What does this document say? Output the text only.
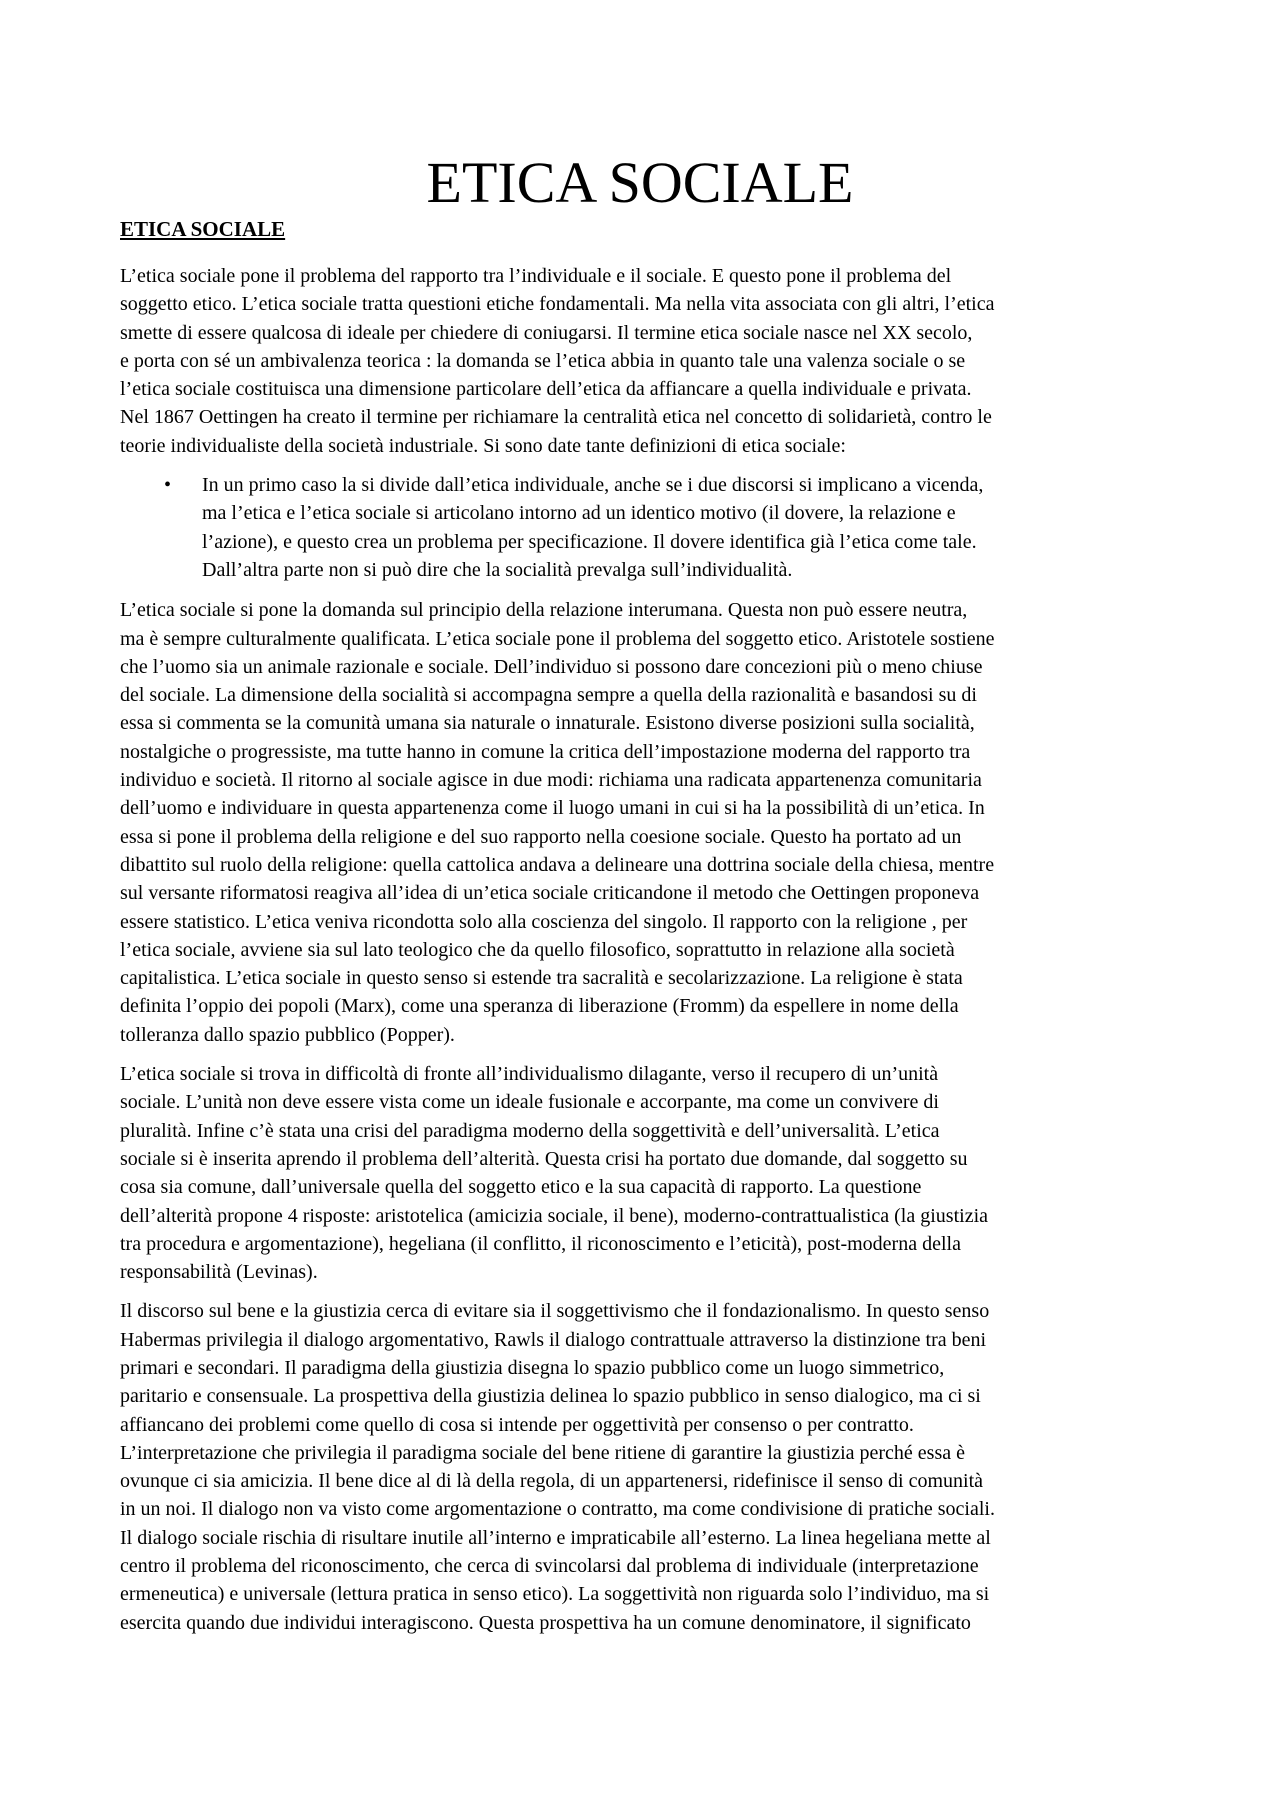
ETICA SOCIALE
ETICA SOCIALE
L’etica sociale pone il problema del rapporto tra l’individuale e il sociale. E questo pone il problema del
soggetto etico. L’etica sociale tratta questioni etiche fondamentali. Ma nella vita associata con gli altri, l’etica
smette di essere qualcosa di ideale per chiedere di coniugarsi. Il termine etica sociale nasce nel XX secolo,
e porta con sé un ambivalenza teorica : la domanda se l’etica abbia in quanto tale una valenza sociale o se
l’etica sociale costituisca una dimensione particolare dell’etica da affiancare a quella individuale e privata.
Nel 1867 Oettingen ha creato il termine per richiamare la centralità etica nel concetto di solidarietà, contro le
teorie individualiste della società industriale. Si sono date tante definizioni di etica sociale:
• In un primo caso la si divide dall’etica individuale, anche se i due discorsi si implicano a vicenda,
ma l’etica e l’etica sociale si articolano intorno ad un identico motivo (il dovere, la relazione e
l’azione), e questo crea un problema per specificazione. Il dovere identifica già l’etica come tale.
Dall’altra parte non si può dire che la socialità prevalga sull’individualità.
L’etica sociale si pone la domanda sul principio della relazione interumana. Questa non può essere neutra,
ma è sempre culturalmente qualificata. L’etica sociale pone il problema del soggetto etico. Aristotele sostiene
che l’uomo sia un animale razionale e sociale. Dell’individuo si possono dare concezioni più o meno chiuse
del sociale. La dimensione della socialità si accompagna sempre a quella della razionalità e basandosi su di
essa si commenta se la comunità umana sia naturale o innaturale. Esistono diverse posizioni sulla socialità,
nostalgiche o progressiste, ma tutte hanno in comune la critica dell’impostazione moderna del rapporto tra
individuo e società. Il ritorno al sociale agisce in due modi: richiama una radicata appartenenza comunitaria
dell’uomo e individuare in questa appartenenza come il luogo umani in cui si ha la possibilità di un’etica. In
essa si pone il problema della religione e del suo rapporto nella coesione sociale. Questo ha portato ad un
dibattito sul ruolo della religione: quella cattolica andava a delineare una dottrina sociale della chiesa, mentre
sul versante riformatosi reagiva all’idea di un’etica sociale criticandone il metodo che Oettingen proponeva
essere statistico. L’etica veniva ricondotta solo alla coscienza del singolo. Il rapporto con la religione , per
l’etica sociale, avviene sia sul lato teologico che da quello filosofico, soprattutto in relazione alla società
capitalistica. L’etica sociale in questo senso si estende tra sacralità e secolarizzazione. La religione è stata
definita l’oppio dei popoli (Marx), come una speranza di liberazione (Fromm) da espellere in nome della
tolleranza dallo spazio pubblico (Popper).
L’etica sociale si trova in difficoltà di fronte all’individualismo dilagante, verso il recupero di un’unità
sociale. L’unità non deve essere vista come un ideale fusionale e accorpante, ma come un convivere di
pluralità. Infine c’è stata una crisi del paradigma moderno della soggettività e dell’universalità. L’etica
sociale si è inserita aprendo il problema dell’alterità. Questa crisi ha portato due domande, dal soggetto su
cosa sia comune, dall’universale quella del soggetto etico e la sua capacità di rapporto. La questione
dell’alterità propone 4 risposte: aristotelica (amicizia sociale, il bene), moderno-contrattualistica (la giustizia
tra procedura e argomentazione), hegeliana (il conflitto, il riconoscimento e l’eticità), post-moderna della
responsabilità (Levinas).
Il discorso sul bene e la giustizia cerca di evitare sia il soggettivismo che il fondazionalismo. In questo senso
Habermas privilegia il dialogo argomentativo, Rawls il dialogo contrattuale attraverso la distinzione tra beni
primari e secondari. Il paradigma della giustizia disegna lo spazio pubblico come un luogo simmetrico,
paritario e consensuale. La prospettiva della giustizia delinea lo spazio pubblico in senso dialogico, ma ci si
affiancano dei problemi come quello di cosa si intende per oggettività per consenso o per contratto.
L’interpretazione che privilegia il paradigma sociale del bene ritiene di garantire la giustizia perché essa è
ovunque ci sia amicizia. Il bene dice al di là della regola, di un appartenersi, ridefinisce il senso di comunità
in un noi. Il dialogo non va visto come argomentazione o contratto, ma come condivisione di pratiche sociali.
Il dialogo sociale rischia di risultare inutile all’interno e impraticabile all’esterno. La linea hegeliana mette al
centro il problema del riconoscimento, che cerca di svincolarsi dal problema di individuale (interpretazione
ermeneutica) e universale (lettura pratica in senso etico). La soggettività non riguarda solo l’individuo, ma si
esercita quando due individui interagiscono. Questa prospettiva ha un comune denominatore, il significato
